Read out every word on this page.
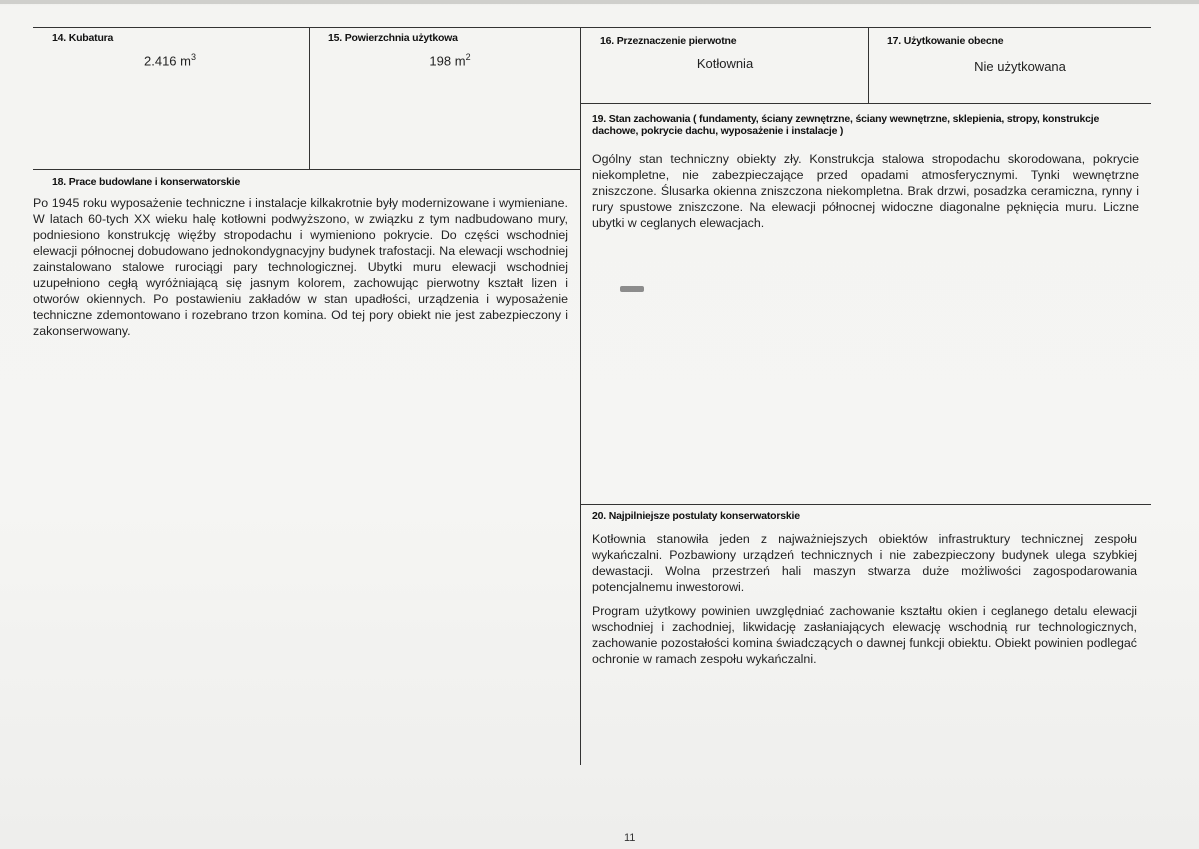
14. Kubatura
2.416 $m^3$
15. Powierzchnia użytkowa
198 $m^2$
16. Przeznaczenie pierwotne
Kotłownia
17. Użytkowanie obecne
Nie użytkowana
18. Prace budowlane i konserwatorskie

Po 1945 roku wyposażenie techniczne i instalacje kilkakrotnie były modernizowane i wymieniane. W latach 60-tych XX wieku halę kotłowni podwyższono, w związku z tym nadbudowano mury, podniesiono konstrukcję więźby stropodachu i wymieniono pokrycie. Do części wschodniej elewacji północnej dobudowano jednokondygnacyjny budynek trafostacji. Na elewacji wschodniej zainstalowano stalowe rurociągi pary technologicznej. Ubytki muru elewacji wschodniej uzupełniono cegłą wyróżniającą się jasnym kolorem, zachowując pierwotny kształt lizen i otworów okiennych. Po postawieniu zakładów w stan upadłości, urządzenia i wyposażenie techniczne zdemontowano i rozebrano trzon komina. Od tej pory obiekt nie jest zabezpieczony i zakonserwowany.

19. Stan zachowania ( fundamenty, ściany zewnętrzne, ściany wewnętrzne, sklepienia, stropy, konstrukcje dachowe, pokrycie dachu, wyposażenie i instalacje )

Ogólny stan techniczny obiekty zły. Konstrukcja stalowa stropodachu skorodowana, pokrycie niekompletne, nie zabezpieczające przed opadami atmosferycznymi. Tynki wewnętrzne zniszczone. Ślusarka okienna zniszczona niekompletna. Brak drzwi, posadzka ceramiczna, rynny i rury spustowe zniszczone. Na elewacji północnej widoczne diagonalne pęknięcia muru. Liczne ubytki w ceglanych elewacjach.

20. Najpilniejsze postulaty konserwatorskie

Kotłownia stanowiła jeden z najważniejszych obiektów infrastruktury technicznej zespołu wykańczalni. Pozbawiony urządzeń technicznych i nie zabezpieczony budynek ulega szybkiej dewastacji. Wolna przestrzeń hali maszyn stwarza duże możliwości zagospodarowania potencjalnemu inwestorowi.

Program użytkowy powinien uwzględniać zachowanie kształtu okien i ceglanego detalu elewacji wschodniej i zachodniej, likwidację zasłaniających elewację wschodnią rur technologicznych, zachowanie pozostałości komina świadczących o dawnej funkcji obiektu. Obiekt powinien podlegać ochronie w ramach zespołu wykańczalni.

11
